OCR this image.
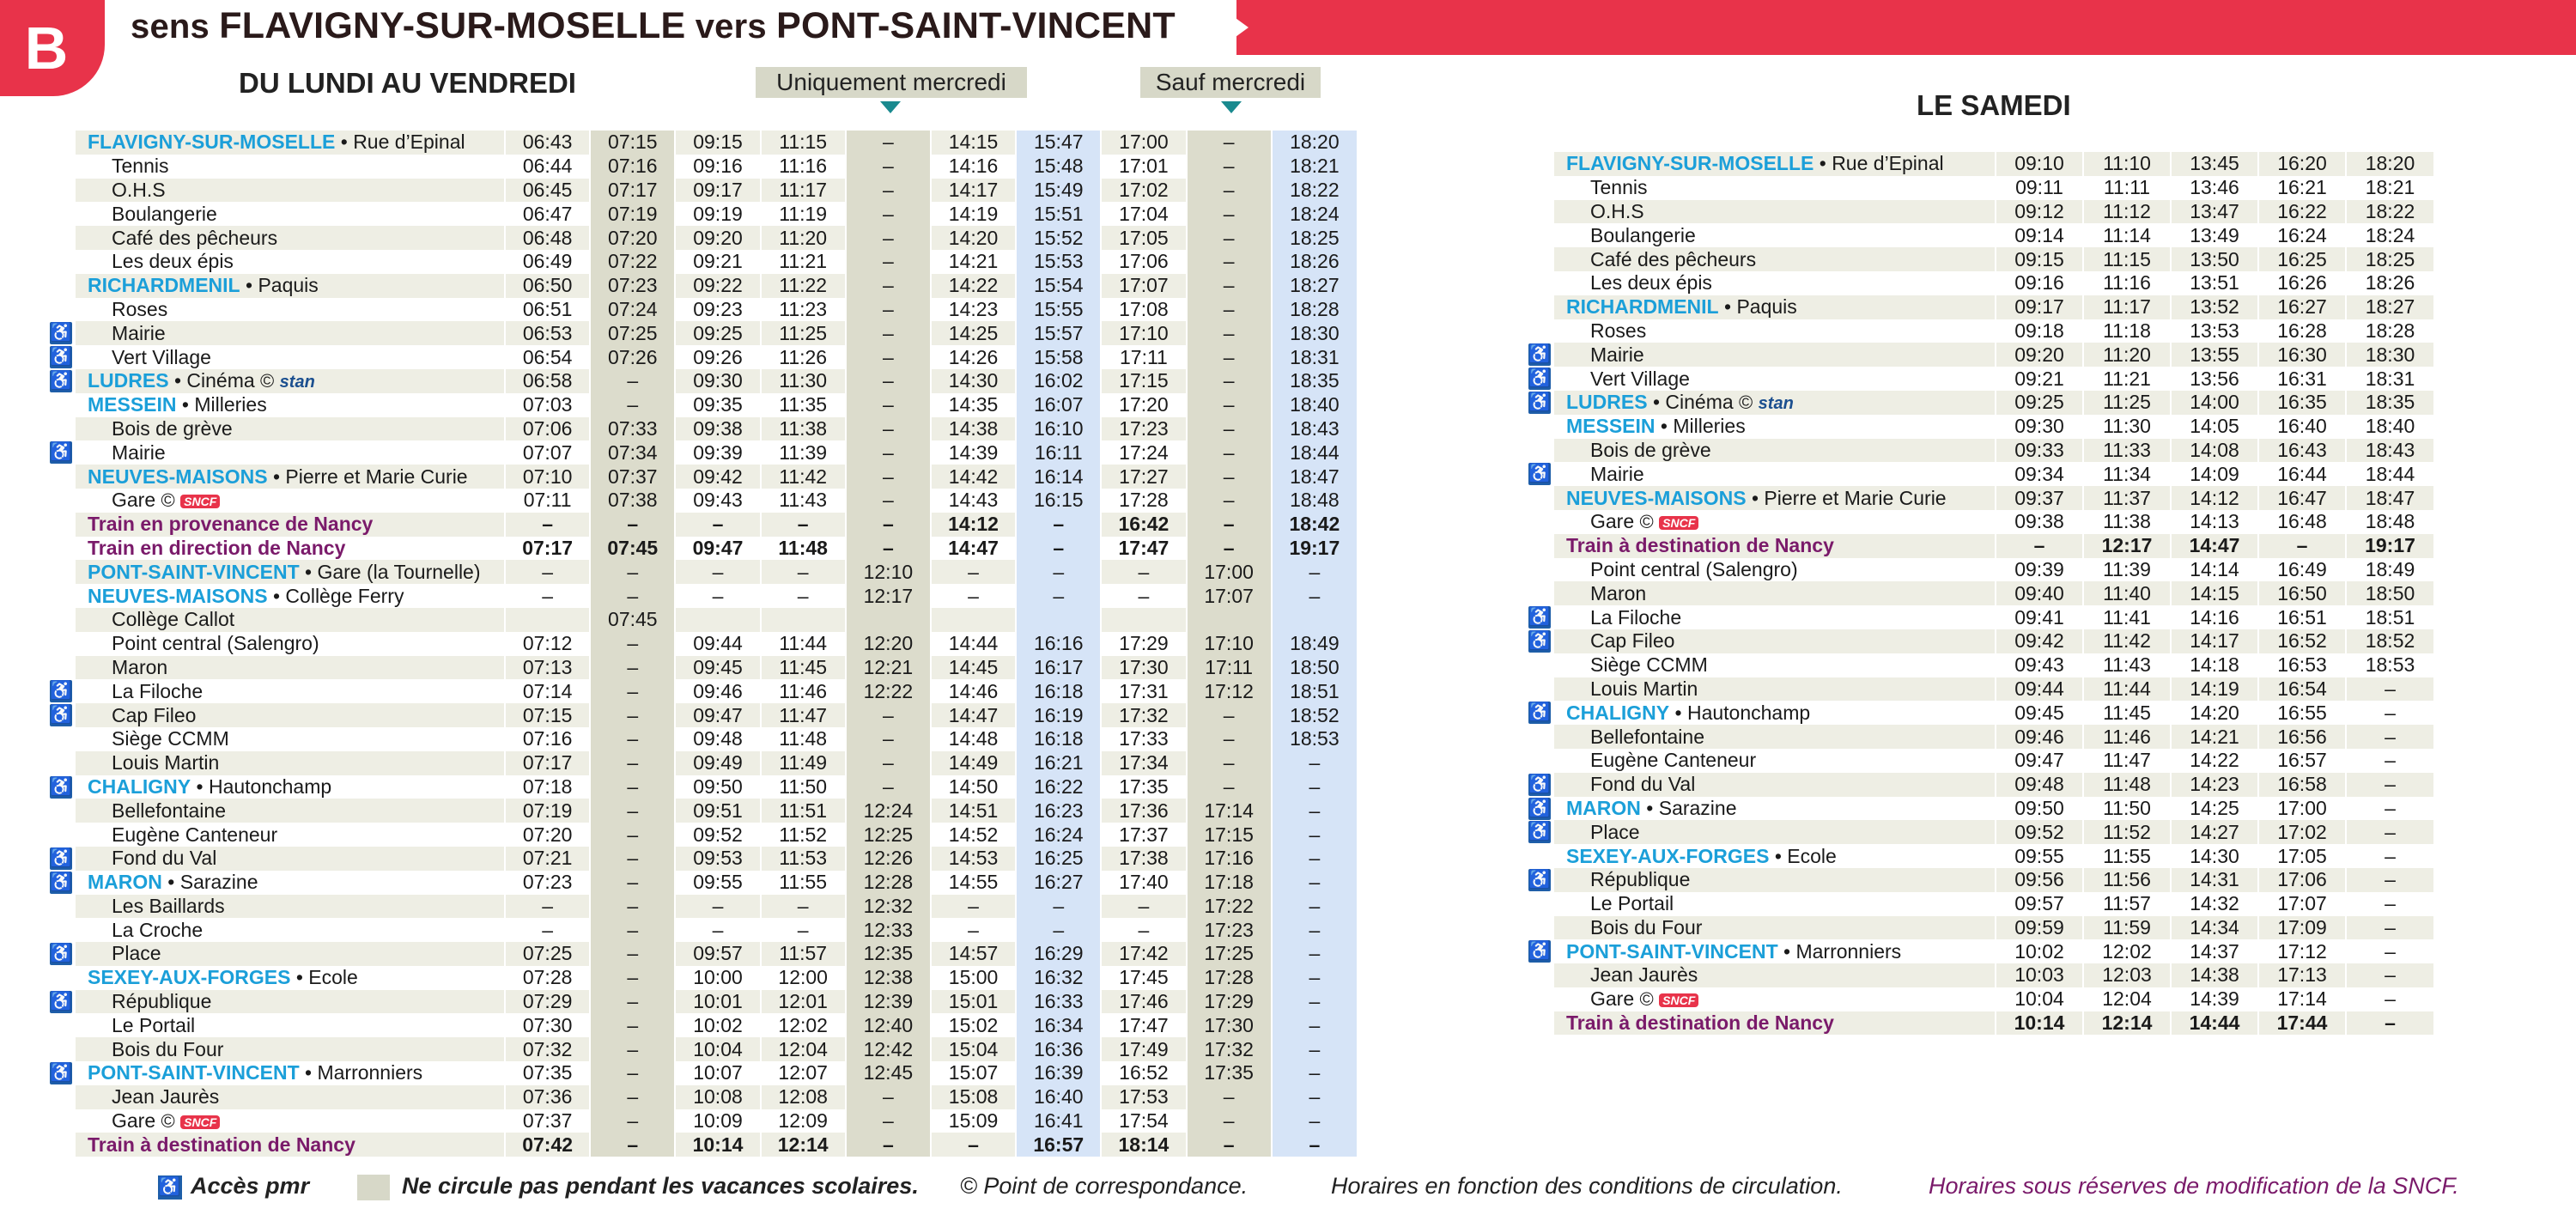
B	sens FLAVIGNY-SUR-MOSELLE vers PONT-SAINT-VINCENT
DU LUNDI AU VENDREDI	Uniquement mercredi	Sauf mercredi
LE SAMEDI
FLAVIGNY-SUR-MOSELLE • Rue d’Epinal	06:43	07:15	09:15	11:15	–	14:15	15:47	17:00	–	18:20
Tennis	06:44	07:16	09:16	11:16	–	14:16	15:48	17:01	–	18:21
O.H.S	06:45	07:17	09:17	11:17	–	14:17	15:49	17:02	–	18:22
Boulangerie	06:47	07:19	09:19	11:19	–	14:19	15:51	17:04	–	18:24
Café des pêcheurs	06:48	07:20	09:20	11:20	–	14:20	15:52	17:05	–	18:25
Les deux épis	06:49	07:22	09:21	11:21	–	14:21	15:53	17:06	–	18:26
RICHARDMENIL • Paquis	06:50	07:23	09:22	11:22	–	14:22	15:54	17:07	–	18:27
Roses	06:51	07:24	09:23	11:23	–	14:23	15:55	17:08	–	18:28
Mairie	06:53	07:25	09:25	11:25	–	14:25	15:57	17:10	–	18:30
Vert Village	06:54	07:26	09:26	11:26	–	14:26	15:58	17:11	–	18:31
LUDRES • Cinéma © stan	06:58	–	09:30	11:30	–	14:30	16:02	17:15	–	18:35
MESSEIN • Milleries	07:03	–	09:35	11:35	–	14:35	16:07	17:20	–	18:40
Bois de grève	07:06	07:33	09:38	11:38	–	14:38	16:10	17:23	–	18:43
Mairie	07:07	07:34	09:39	11:39	–	14:39	16:11	17:24	–	18:44
NEUVES-MAISONS • Pierre et Marie Curie	07:10	07:37	09:42	11:42	–	14:42	16:14	17:27	–	18:47
Gare © SNCF	07:11	07:38	09:43	11:43	–	14:43	16:15	17:28	–	18:48
Train en provenance de Nancy	–	–	–	–	–	14:12	–	16:42	–	18:42
Train en direction de Nancy	07:17	07:45	09:47	11:48	–	14:47	–	17:47	–	19:17
PONT-SAINT-VINCENT • Gare (la Tournelle)	–	–	–	–	12:10	–	–	–	17:00	–
NEUVES-MAISONS • Collège Ferry	–	–	–	–	12:17	–	–	–	17:07	–
Collège Callot		07:45								
Point central (Salengro)	07:12	–	09:44	11:44	12:20	14:44	16:16	17:29	17:10	18:49
Maron	07:13	–	09:45	11:45	12:21	14:45	16:17	17:30	17:11	18:50
La Filoche	07:14	–	09:46	11:46	12:22	14:46	16:18	17:31	17:12	18:51
Cap Fileo	07:15	–	09:47	11:47	–	14:47	16:19	17:32	–	18:52
Siège CCMM	07:16	–	09:48	11:48	–	14:48	16:18	17:33	–	18:53
Louis Martin	07:17	–	09:49	11:49	–	14:49	16:21	17:34	–	–
CHALIGNY • Hautonchamp	07:18	–	09:50	11:50	–	14:50	16:22	17:35	–	–
Bellefontaine	07:19	–	09:51	11:51	12:24	14:51	16:23	17:36	17:14	–
Eugène Canteneur	07:20	–	09:52	11:52	12:25	14:52	16:24	17:37	17:15	–
Fond du Val	07:21	–	09:53	11:53	12:26	14:53	16:25	17:38	17:16	–
MARON • Sarazine	07:23	–	09:55	11:55	12:28	14:55	16:27	17:40	17:18	–
Les Baillards	–	–	–	–	12:32	–	–	–	17:22	–
La Croche	–	–	–	–	12:33	–	–	–	17:23	–
Place	07:25	–	09:57	11:57	12:35	14:57	16:29	17:42	17:25	–
SEXEY-AUX-FORGES • Ecole	07:28	–	10:00	12:00	12:38	15:00	16:32	17:45	17:28	–
République	07:29	–	10:01	12:01	12:39	15:01	16:33	17:46	17:29	–
Le Portail	07:30	–	10:02	12:02	12:40	15:02	16:34	17:47	17:30	–
Bois du Four	07:32	–	10:04	12:04	12:42	15:04	16:36	17:49	17:32	–
PONT-SAINT-VINCENT • Marronniers	07:35	–	10:07	12:07	12:45	15:07	16:39	16:52	17:35	–
Jean Jaurès	07:36	–	10:08	12:08	–	15:08	16:40	17:53	–	–
Gare © SNCF	07:37	–	10:09	12:09	–	15:09	16:41	17:54	–	–
Train à destination de Nancy	07:42	–	10:14	12:14	–	–	16:57	18:14	–	–
♿
♿
♿
♿
♿
♿
♿
♿
♿
♿
♿
♿
FLAVIGNY-SUR-MOSELLE • Rue d’Epinal	09:10	11:10	13:45	16:20	18:20
Tennis	09:11	11:11	13:46	16:21	18:21
O.H.S	09:12	11:12	13:47	16:22	18:22
Boulangerie	09:14	11:14	13:49	16:24	18:24
Café des pêcheurs	09:15	11:15	13:50	16:25	18:25
Les deux épis	09:16	11:16	13:51	16:26	18:26
RICHARDMENIL • Paquis	09:17	11:17	13:52	16:27	18:27
Roses	09:18	11:18	13:53	16:28	18:28
Mairie	09:20	11:20	13:55	16:30	18:30
Vert Village	09:21	11:21	13:56	16:31	18:31
LUDRES • Cinéma © stan	09:25	11:25	14:00	16:35	18:35
MESSEIN • Milleries	09:30	11:30	14:05	16:40	18:40
Bois de grève	09:33	11:33	14:08	16:43	18:43
Mairie	09:34	11:34	14:09	16:44	18:44
NEUVES-MAISONS • Pierre et Marie Curie	09:37	11:37	14:12	16:47	18:47
Gare © SNCF	09:38	11:38	14:13	16:48	18:48
Train à destination de Nancy	–	12:17	14:47	–	19:17
Point central (Salengro)	09:39	11:39	14:14	16:49	18:49
Maron	09:40	11:40	14:15	16:50	18:50
La Filoche	09:41	11:41	14:16	16:51	18:51
Cap Fileo	09:42	11:42	14:17	16:52	18:52
Siège CCMM	09:43	11:43	14:18	16:53	18:53
Louis Martin	09:44	11:44	14:19	16:54	–
CHALIGNY • Hautonchamp	09:45	11:45	14:20	16:55	–
Bellefontaine	09:46	11:46	14:21	16:56	–
Eugène Canteneur	09:47	11:47	14:22	16:57	–
Fond du Val	09:48	11:48	14:23	16:58	–
MARON • Sarazine	09:50	11:50	14:25	17:00	–
Place	09:52	11:52	14:27	17:02	–
SEXEY-AUX-FORGES • Ecole	09:55	11:55	14:30	17:05	–
République	09:56	11:56	14:31	17:06	–
Le Portail	09:57	11:57	14:32	17:07	–
Bois du Four	09:59	11:59	14:34	17:09	–
PONT-SAINT-VINCENT • Marronniers	10:02	12:02	14:37	17:12	–
Jean Jaurès	10:03	12:03	14:38	17:13	–
Gare © SNCF	10:04	12:04	14:39	17:14	–
Train à destination de Nancy	10:14	12:14	14:44	17:44	–
♿
♿
♿
♿
♿
♿
♿
♿
♿
♿
♿
♿
♿ Accès pmr	Ne circule pas pendant les vacances scolaires. © Point de correspondance.	Horaires en fonction des conditions de circulation.	Horaires sous réserves de modification de la SNCF.
